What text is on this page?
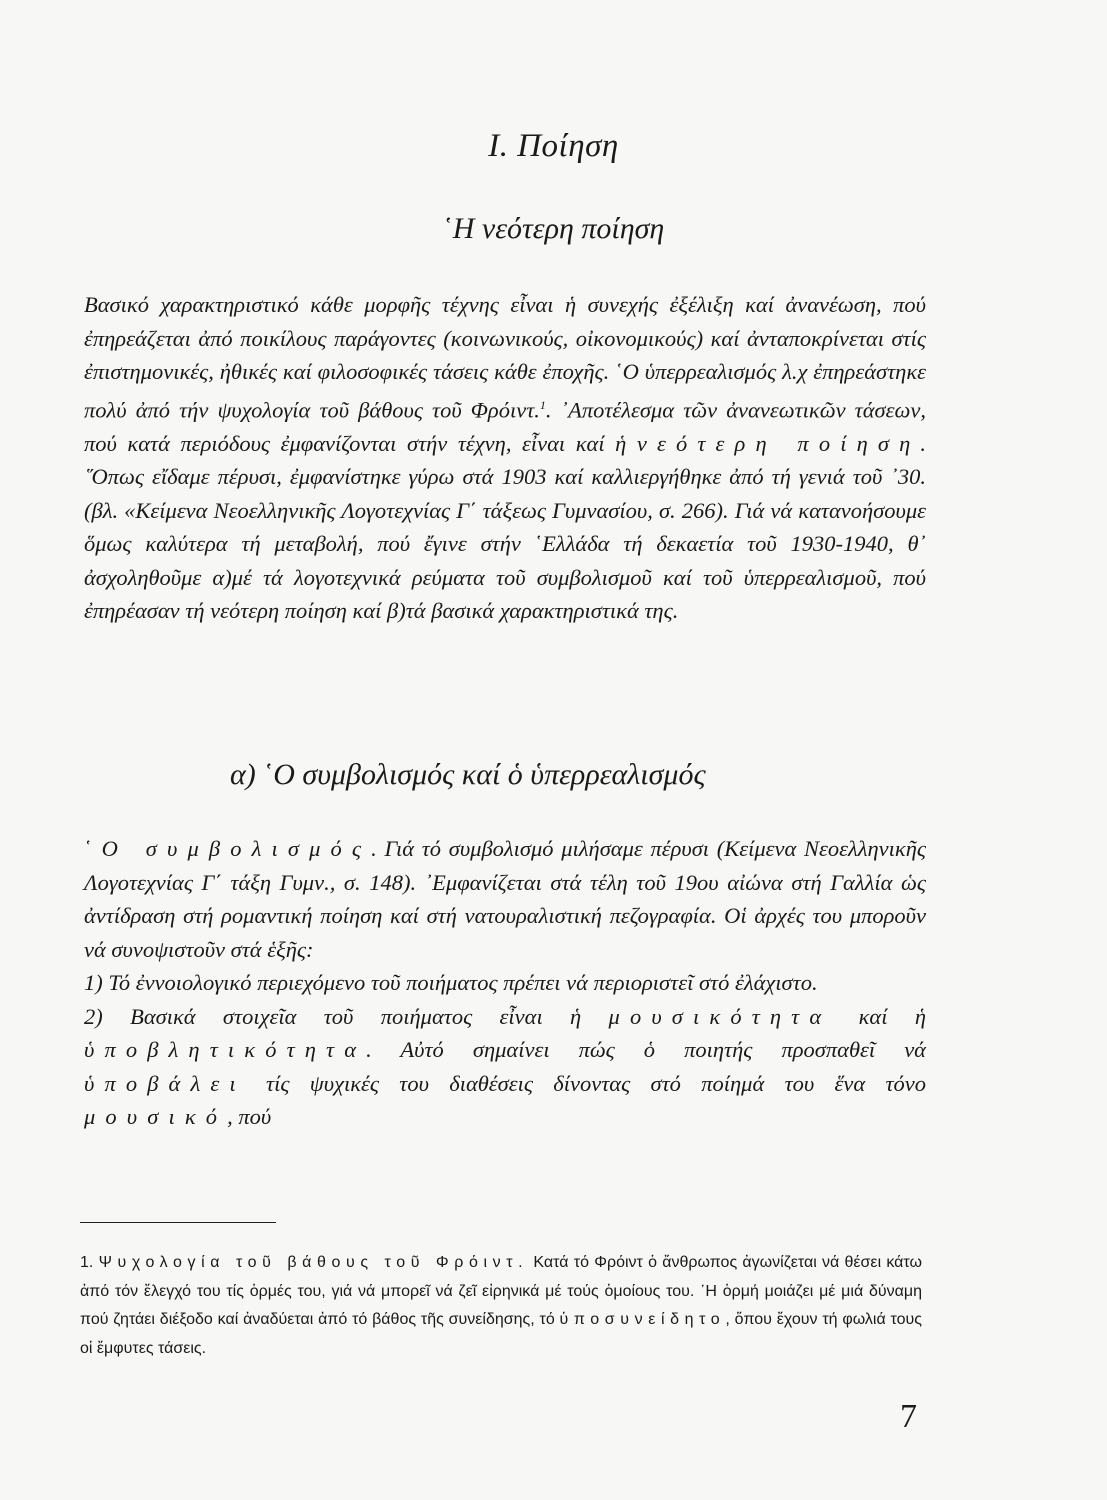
Ι. Ποίηση
῾Η νεότερη ποίηση

Βασικό χαρακτηριστικό κάθε μορφῆς τέχνης εἶναι ἡ συνεχής ἐξέλιξη καί ἀνανέωση, πού ἐπηρεάζεται ἀπό ποικίλους παράγοντες (κοινωνικούς, οἰκονομικούς) καί ἀνταποκρίνεται στίς ἐπιστημονικές, ἠθικές καί φιλοσοφικές τάσεις κάθε ἐποχῆς. ῾Ο ὑπερρεαλισμός λ.χ ἐπηρεάστηκε πολύ ἀπό τήν ψυχολογία τοῦ βάθους τοῦ Φρόιντ.$^1$. ᾿Αποτέλεσμα τῶν ἀνανεωτικῶν τάσεων, πού κατά περιόδους ἐμφανίζονται στήν τέχνη, εἶναι καί ἡ νεότερη ποίηση. ῞Οπως εἴδαμε πέρυσι, ἐμφανίστηκε γύρω στά 1903 καί καλλιεργήθηκε ἀπό τή γενιά τοῦ ᾿30. (βλ. «Κείμενα Νεοελληνικῆς Λογοτεχνίας Γ΄ τάξεως Γυμνασίου, σ. 266). Γιά νά κατανοήσουμε ὅμως καλύτερα τή μεταβολή, πού ἔγινε στήν ῾Ελλάδα τή δεκαετία τοῦ 1930-1940, θ᾿ ἀσχοληθοῦμε α)μέ τά λογοτεχνικά ρεύματα τοῦ συμβολισμοῦ καί τοῦ ὑπερρεαλισμοῦ, πού ἐπηρέασαν τή νεότερη ποίηση καί β)τά βασικά χαρακτηριστικά της.

α) ῾Ο συμβολισμός καί ὁ ὑπερρεαλισμός

῾Ο συμβολισμός. Γιά τό συμβολισμό μιλήσαμε πέρυσι (Κείμενα Νεοελληνικῆς Λογοτεχνίας Γ΄ τάξη Γυμν., σ. 148). ᾿Εμφανίζεται στά τέλη τοῦ 19ου αἰώνα στή Γαλλία ὡς ἀντίδραση στή ρομαντική ποίηση καί στή νατουραλιστική πεζογραφία. Οἱ ἀρχές του μποροῦν νά συνοψιστοῦν στά ἑξῆς:

1) Τό ἐννοιολογικό περιεχόμενο τοῦ ποιήματος πρέπει νά περιοριστεῖ στό ἐλάχιστο.

2) Βασικά στοιχεῖα τοῦ ποιήματος εἶναι ἡ μουσικότητα καί ἡ ὑποβλητικότητα. Αὐτό σημαίνει πώς ὁ ποιητής προσπαθεῖ νά ὑποβάλει τίς ψυχικές του διαθέσεις δίνοντας στό ποίημά του ἕνα τόνο μουσικό, πού

1. Ψυχολογία τοῦ βάθους τοῦ Φρόιντ. Κατά τό Φρόιντ ὁ ἄνθρωπος ἀγωνίζεται νά θέσει κάτω ἀπό τόν ἔλεγχό του τίς ὁρμές του, γιά νά μπορεῖ νά ζεῖ εἰρηνικά μέ τούς ὁμοίους του. ῾Η ὁρμή μοιάζει μέ μιά δύναμη πού ζητάει διέξοδο καί ἀναδύεται ἀπό τό βάθος τῆς συνείδησης, τό ὑποσυνείδητο, ὅπου ἔχουν τή φωλιά τους οἱ ἔμφυτες τάσεις.

7
